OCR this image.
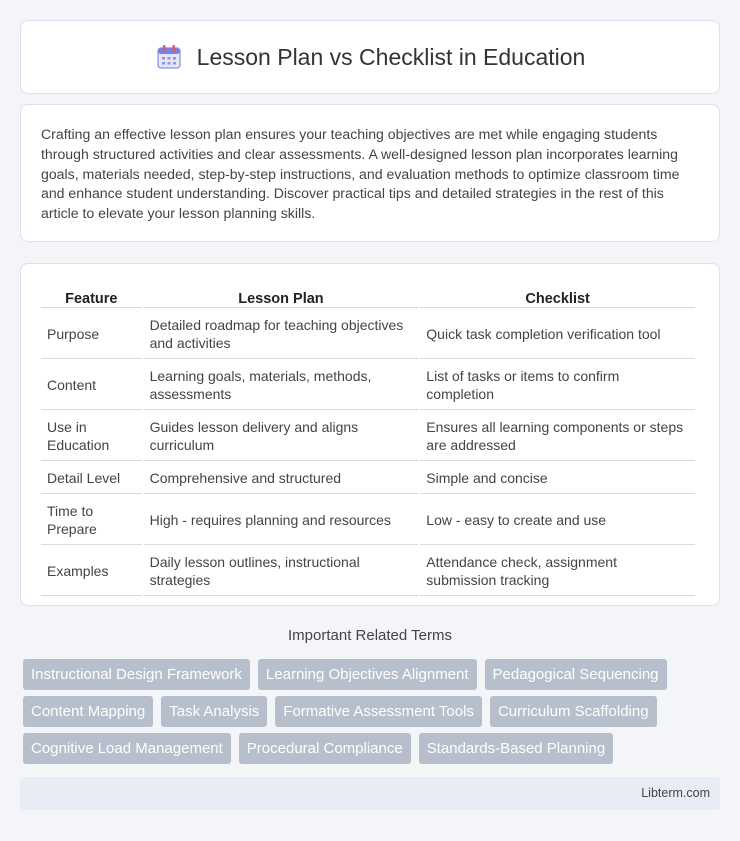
Lesson Plan vs Checklist in Education

Crafting an effective lesson plan ensures your teaching objectives are met while engaging students through structured activities and clear assessments. A well-designed lesson plan incorporates learning goals, materials needed, step-by-step instructions, and evaluation methods to optimize classroom time and enhance student understanding. Discover practical tips and detailed strategies in the rest of this article to elevate your lesson planning skills.

Feature	Lesson Plan	Checklist
Purpose	Detailed roadmap for teaching objectives and activities	Quick task completion verification tool
Content	Learning goals, materials, methods, assessments	List of tasks or items to confirm completion
Use in Education	Guides lesson delivery and aligns curriculum	Ensures all learning components or steps are addressed
Detail Level	Comprehensive and structured	Simple and concise
Time to Prepare	High - requires planning and resources	Low - easy to create and use
Examples	Daily lesson outlines, instructional strategies	Attendance check, assignment submission tracking
Important Related Terms
Instructional Design Framework	Learning Objectives Alignment	Pedagogical Sequencing
Content Mapping	Task Analysis	Formative Assessment Tools	Curriculum Scaffolding
Cognitive Load Management	Procedural Compliance	Standards-Based Planning
Libterm.com
